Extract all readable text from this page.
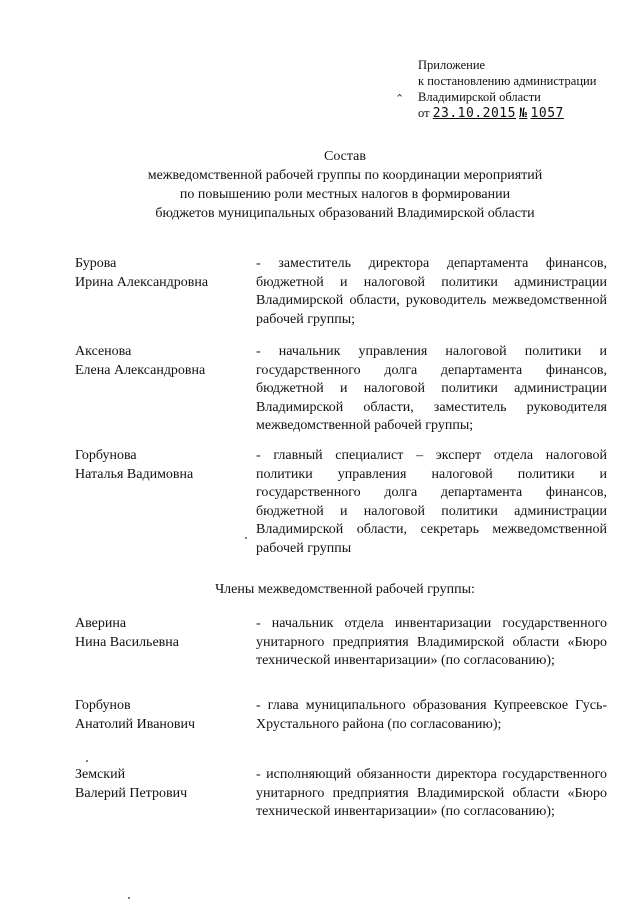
Приложение
к постановлению администрации
Владимирской области
от 23.10.2015 № 1057
⌃
Состав
межведомственной рабочей группы по координации мероприятий
по повышению роли местных налогов в формировании
бюджетов муниципальных образований Владимирской области
Бурова
Ирина Александровна
- заместитель директора департамента финансов, бюджетной и налоговой политики администрации Владимирской области, руководитель межведомственной рабочей группы;
Аксенова
Елена Александровна
- начальник управления налоговой политики и государственного долга департамента финансов, бюджетной и налоговой политики администрации Владимирской области, заместитель руководителя межведомственной рабочей группы;
Горбунова
Наталья Вадимовна
- главный специалист – эксперт отдела налоговой политики управления налоговой политики и государственного долга департамента финансов, бюджетной и налоговой политики администрации Владимирской области, секретарь межведомственной рабочей группы
Члены межведомственной рабочей группы:
Аверина
Нина Васильевна
- начальник отдела инвентаризации государственного унитарного предприятия Владимирской области «Бюро технической инвентаризации» (по согласованию);
Горбунов
Анатолий Иванович
- глава муниципального образования Купреевское Гусь-Хрустального района (по согласованию);
Земский
Валерий Петрович
- исполняющий обязанности директора государственного унитарного предприятия Владимирской области «Бюро технической инвентаризации» (по согласованию);
